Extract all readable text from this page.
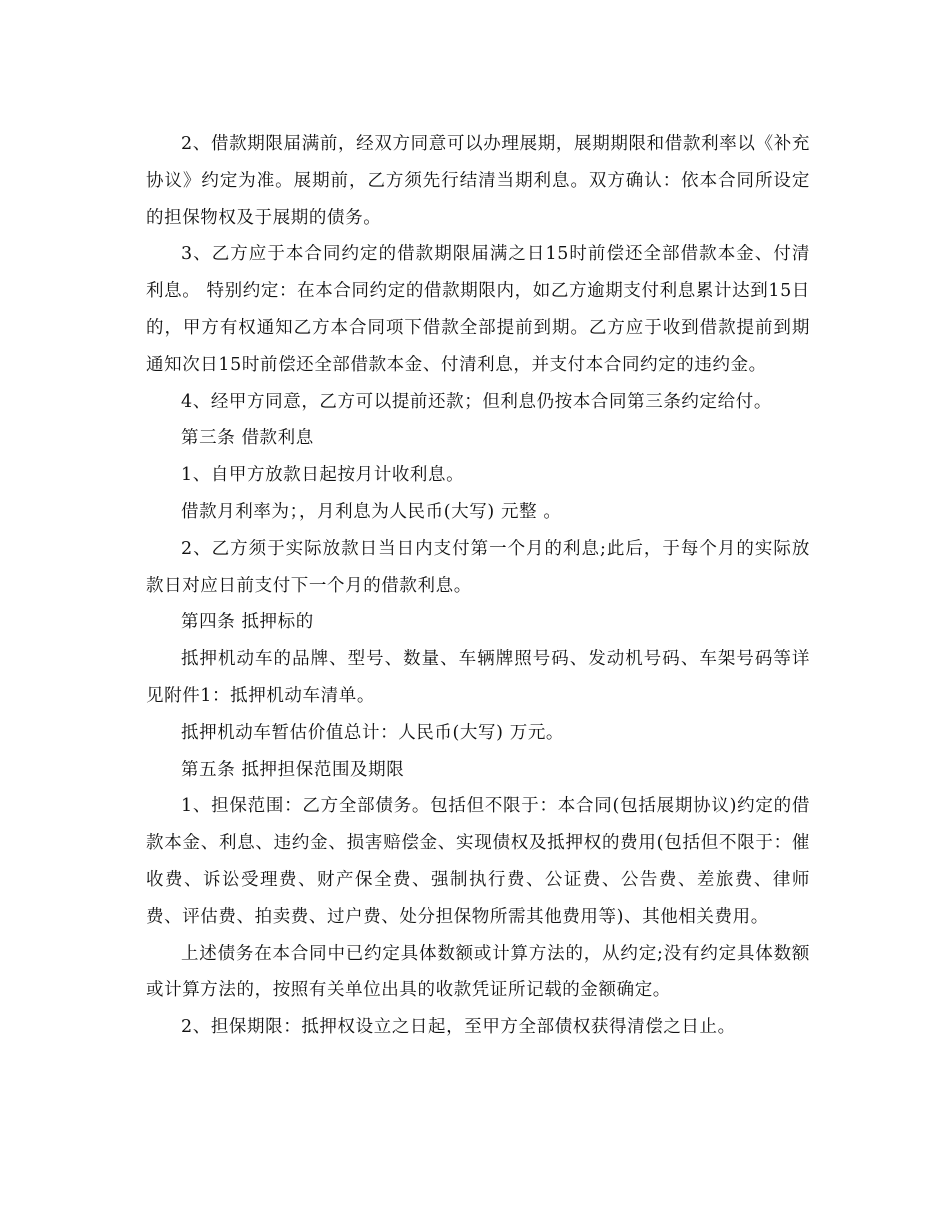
2、借款期限届满前，经双方同意可以办理展期，展期期限和借款利率以《补充协议》约定为准。展期前，乙方须先行结清当期利息。双方确认：依本合同所设定的担保物权及于展期的债务。

3、乙方应于本合同约定的借款期限届满之日15时前偿还全部借款本金、付清利息。 特别约定：在本合同约定的借款期限内，如乙方逾期支付利息累计达到15日的，甲方有权通知乙方本合同项下借款全部提前到期。乙方应于收到借款提前到期通知次日15时前偿还全部借款本金、付清利息，并支付本合同约定的违约金。

4、经甲方同意，乙方可以提前还款；但利息仍按本合同第三条约定给付。

第三条 借款利息

1、自甲方放款日起按月计收利息。

借款月利率为；，月利息为人民币(大写) 元整 。

2、乙方须于实际放款日当日内支付第一个月的利息;此后，于每个月的实际放款日对应日前支付下一个月的借款利息。

第四条 抵押标的

抵押机动车的品牌、型号、数量、车辆牌照号码、发动机号码、车架号码等详见附件1：抵押机动车清单。

抵押机动车暂估价值总计：人民币(大写) 万元。

第五条 抵押担保范围及期限

1、担保范围：乙方全部债务。包括但不限于：本合同(包括展期协议)约定的借款本金、利息、违约金、损害赔偿金、实现债权及抵押权的费用(包括但不限于：催收费、诉讼受理费、财产保全费、强制执行费、公证费、公告费、差旅费、律师费、评估费、拍卖费、过户费、处分担保物所需其他费用等)、其他相关费用。

上述债务在本合同中已约定具体数额或计算方法的，从约定;没有约定具体数额或计算方法的，按照有关单位出具的收款凭证所记载的金额确定。

2、担保期限：抵押权设立之日起，至甲方全部债权获得清偿之日止。
